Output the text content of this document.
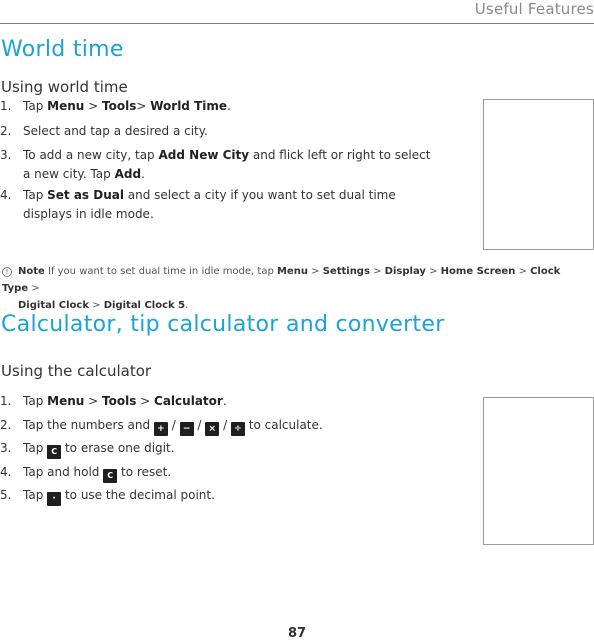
Useful Features
World time
Using world time
1. Tap Menu > Tools> World Time.
2. Select and tap a desired a city.
3. To add a new city, tap Add New City and flick left or right to select
a new city. Tap Add.
4. Tap Set as Dual and select a city if you want to set dual time
displays in idle mode.
! Note If you want to set dual time in idle mode, tap Menu > Settings > Display > Home Screen > Clock Type >
Digital Clock > Digital Clock 5.
Calculator, tip calculator and converter
Using the calculator
1. Tap Menu > Tools > Calculator.
2. Tap the numbers and + / − / × / ÷ to calculate.
3. Tap C to erase one digit.
4. Tap and hold C to reset.
5. Tap · to use the decimal point.
87
